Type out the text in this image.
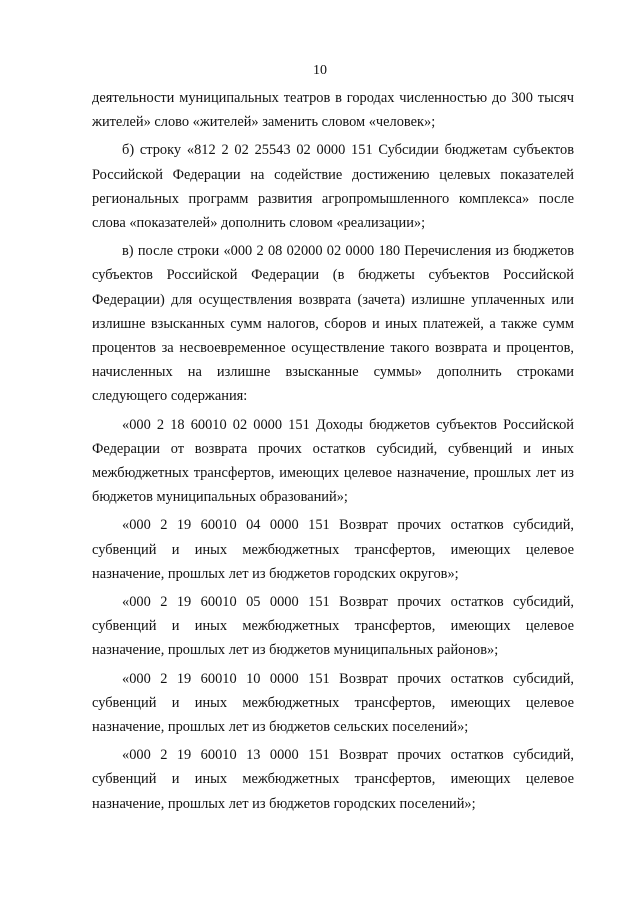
10

деятельности муниципальных театров в городах численностью до 300 тысяч жителей» слово «жителей» заменить словом «человек»;

б) строку «812 2 02 25543 02 0000 151 Субсидии бюджетам субъектов Российской Федерации на содействие достижению целевых показателей региональных программ развития агропромышленного комплекса» после слова «показателей» дополнить словом «реализации»;

в) после строки «000 2 08 02000 02 0000 180 Перечисления из бюджетов субъектов Российской Федерации (в бюджеты субъектов Российской Федерации) для осуществления возврата (зачета) излишне уплаченных или излишне взысканных сумм налогов, сборов и иных платежей, а также сумм процентов за несвоевременное осуществление такого возврата и процентов, начисленных на излишне взысканные суммы» дополнить строками следующего содержания:

«000 2 18 60010 02 0000 151 Доходы бюджетов субъектов Российской Федерации от возврата прочих остатков субсидий, субвенций и иных межбюджетных трансфертов, имеющих целевое назначение, прошлых лет из бюджетов муниципальных образований»;

«000 2 19 60010 04 0000 151 Возврат прочих остатков субсидий, субвенций и иных межбюджетных трансфертов, имеющих целевое назначение, прошлых лет из бюджетов городских округов»;

«000 2 19 60010 05 0000 151 Возврат прочих остатков субсидий, субвенций и иных межбюджетных трансфертов, имеющих целевое назначение, прошлых лет из бюджетов муниципальных районов»;

«000 2 19 60010 10 0000 151 Возврат прочих остатков субсидий, субвенций и иных межбюджетных трансфертов, имеющих целевое назначение, прошлых лет из бюджетов сельских поселений»;

«000 2 19 60010 13 0000 151 Возврат прочих остатков субсидий, субвенций и иных межбюджетных трансфертов, имеющих целевое назначение, прошлых лет из бюджетов городских поселений»;
